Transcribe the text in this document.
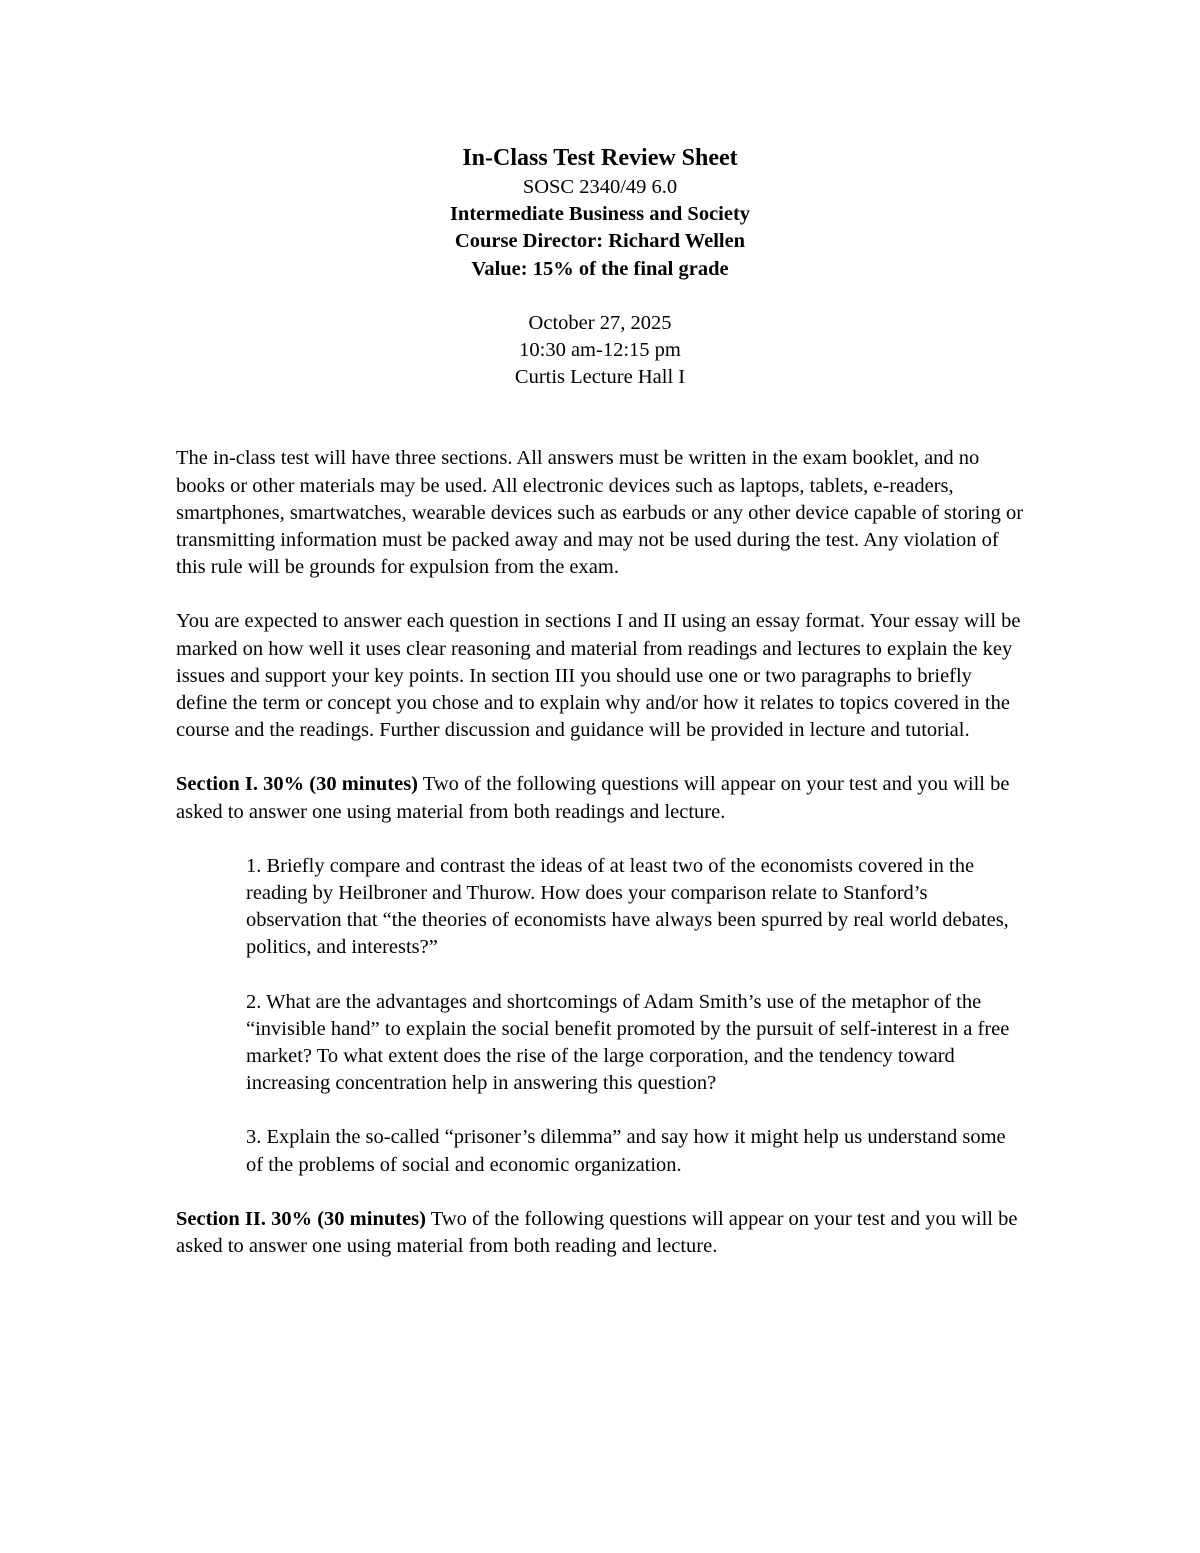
In-Class Test Review Sheet
SOSC 2340/49 6.0
Intermediate Business and Society
Course Director: Richard Wellen
Value: 15% of the final grade
October 27, 2025
10:30 am-12:15 pm
Curtis Lecture Hall I

The in-class test will have three sections. All answers must be written in the exam booklet, and no books or other materials may be used. All electronic devices such as laptops, tablets, e-readers, smartphones, smartwatches, wearable devices such as earbuds or any other device capable of storing or transmitting information must be packed away and may not be used during the test. Any violation of this rule will be grounds for expulsion from the exam.

You are expected to answer each question in sections I and II using an essay format. Your essay will be marked on how well it uses clear reasoning and material from readings and lectures to explain the key issues and support your key points. In section III you should use one or two paragraphs to briefly define the term or concept you chose and to explain why and/or how it relates to topics covered in the course and the readings. Further discussion and guidance will be provided in lecture and tutorial.

Section I. 30% (30 minutes) Two of the following questions will appear on your test and you will be asked to answer one using material from both readings and lecture.

1. Briefly compare and contrast the ideas of at least two of the economists covered in the reading by Heilbroner and Thurow. How does your comparison relate to Stanford’s observation that “the theories of economists have always been spurred by real world debates, politics, and interests?”

2. What are the advantages and shortcomings of Adam Smith’s use of the metaphor of the “invisible hand” to explain the social benefit promoted by the pursuit of self-interest in a free market? To what extent does the rise of the large corporation, and the tendency toward increasing concentration help in answering this question?

3. Explain the so-called “prisoner’s dilemma” and say how it might help us understand some of the problems of social and economic organization.

Section II. 30% (30 minutes) Two of the following questions will appear on your test and you will be asked to answer one using material from both reading and lecture.
